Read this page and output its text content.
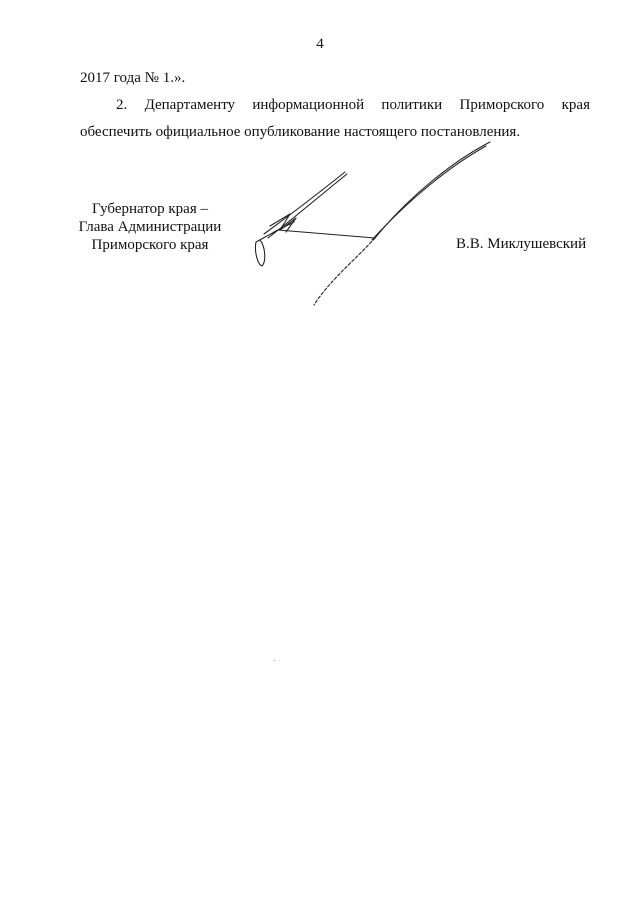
4
2017 года № 1.».
2. Департаменту информационной политики Приморского края
обеспечить официальное опубликование настоящего постановления.
Губернатор края –
Глава Администрации
Приморского края	В.В. Миклушевский
